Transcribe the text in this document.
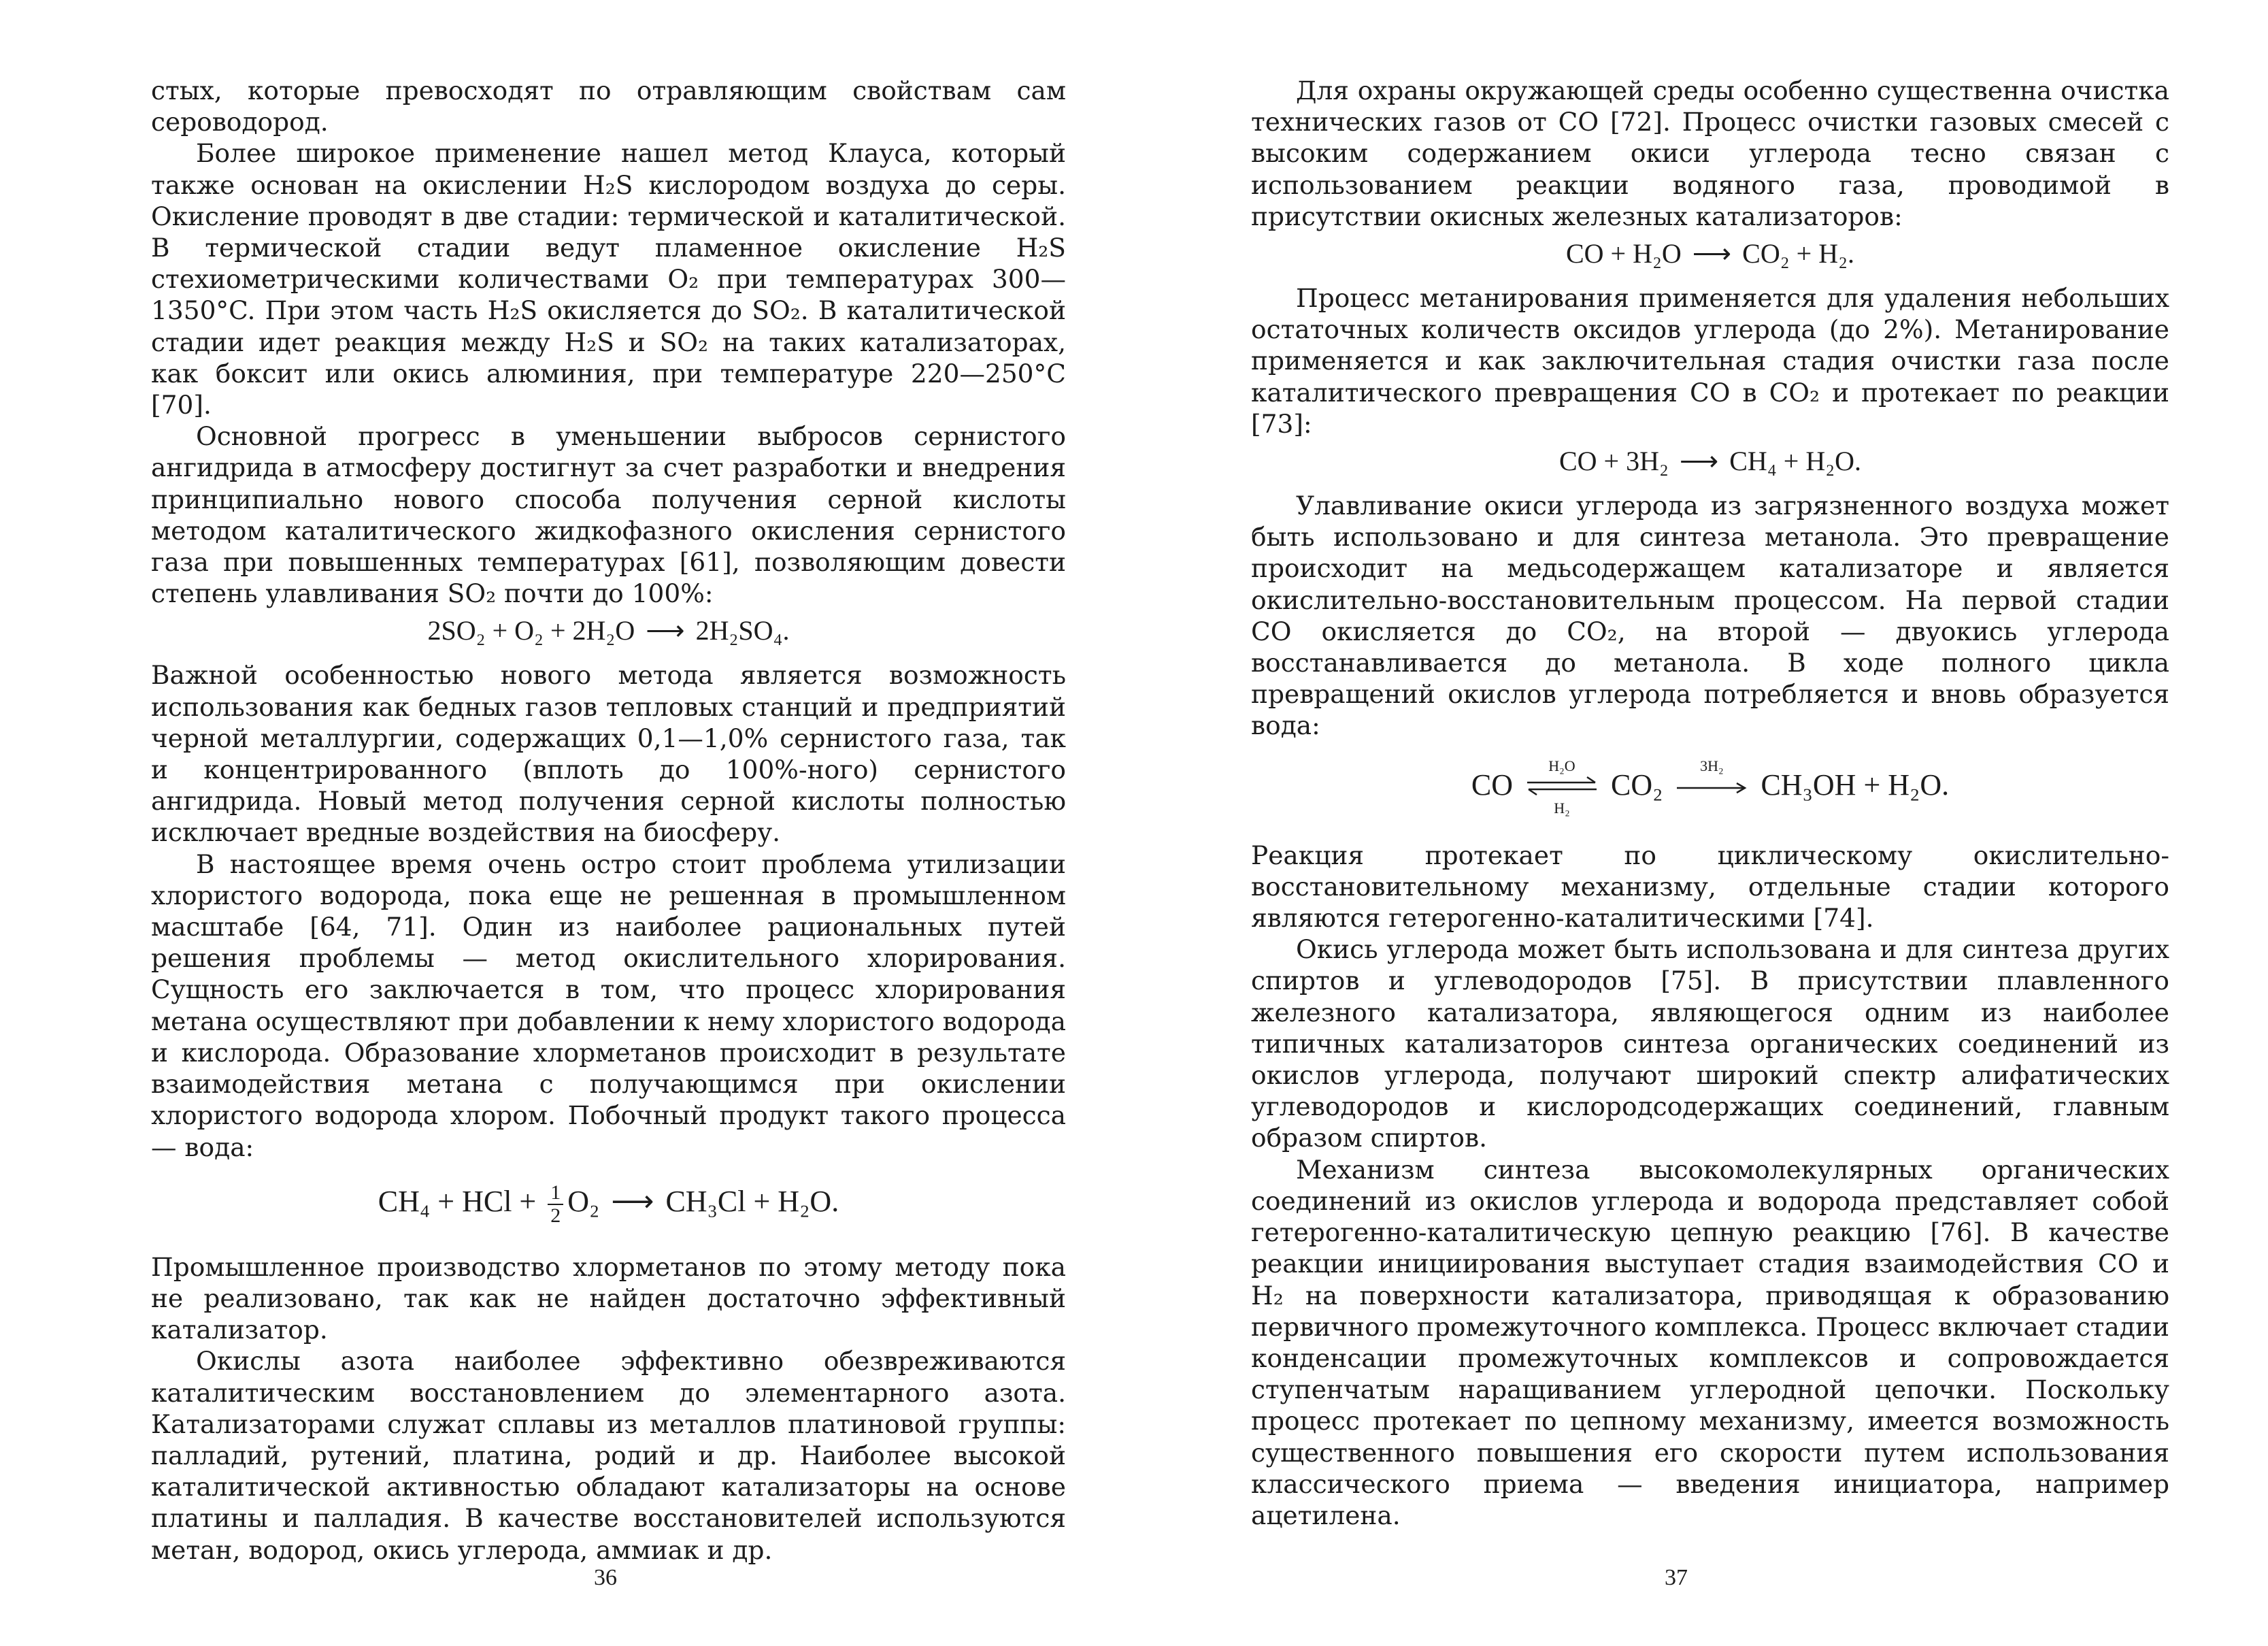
стых, которые превосходят по отравляющим свойствам сам сероводород.

Более широкое применение нашел метод Клауса, который также основан на окислении H₂S кислородом воздуха до серы. Окисление проводят в две стадии: термической и каталитической. В термической стадии ведут пламенное окисление H₂S стехиометрическими количествами O₂ при температурах 300—1350°C. При этом часть H₂S окисляется до SO₂. В каталитической стадии идет реакция между H₂S и SO₂ на таких катализаторах, как боксит или окись алюминия, при температуре 220—250°C [70].

Основной прогресс в уменьшении выбросов сернистого ангидрида в атмосферу достигнут за счет разработки и внедрения принципиально нового способа получения серной кислоты методом каталитического жидкофазного окисления сернистого газа при повышенных температурах [61], позволяющим довести степень улавливания SO₂ почти до 100%:

2SO₂ + O₂ + 2H₂O ⟶ 2H₂SO₄.

Важной особенностью нового метода является возможность использования как бедных газов тепловых станций и предприятий черной металлургии, содержащих 0,1—1,0% сернистого газа, так и концентрированного (вплоть до 100%-ного) сернистого ангидрида. Новый метод получения серной кислоты полностью исключает вредные воздействия на биосферу.

В настоящее время очень остро стоит проблема утилизации хлористого водорода, пока еще не решенная в промышленном масштабе [64, 71]. Один из наиболее рациональных путей решения проблемы — метод окислительного хлорирования. Сущность его заключается в том, что процесс хлорирования метана осуществляют при добавлении к нему хлористого водорода и кислорода. Образование хлорметанов происходит в результате взаимодействия метана с получающимся при окислении хлористого водорода хлором. Побочный продукт такого процесса — вода:

CH₄ + HCl + $\frac{1}{2} O_2$ ⟶ CH₃Cl + H₂O.

Промышленное производство хлорметанов по этому методу пока не реализовано, так как не найден достаточно эффективный катализатор.

Окислы азота наиболее эффективно обезвреживаются каталитическим восстановлением до элементарного азота. Катализаторами служат сплавы из металлов платиновой группы: палладий, рутений, платина, родий и др. Наиболее высокой каталитической активностью обладают катализаторы на основе платины и палладия. В качестве восстановителей используются метан, водород, окись углерода, аммиак и др.

36

Для охраны окружающей среды особенно существенна очистка технических газов от CO [72]. Процесс очистки газовых смесей с высоким содержанием окиси углерода тесно связан с использованием реакции водяного газа, проводимой в присутствии окисных железных катализаторов:

CO + H₂O ⟶ CO₂ + H₂.

Процесс метанирования применяется для удаления небольших остаточных количеств оксидов углерода (до 2%). Метанирование применяется и как заключительная стадия очистки газа после каталитического превращения CO в CO₂ и протекает по реакции [73]:

CO + 3H₂ ⟶ CH₄ + H₂O.

Улавливание окиси углерода из загрязненного воздуха может быть использовано и для синтеза метанола. Это превращение происходит на медьсодержащем катализаторе и является окислительно-восстановительным процессом. На первой стадии CO окисляется до CO₂, на второй — двуокись углерода восстанавливается до метанола. В ходе полного цикла превращений окислов углерода потребляется и вновь образуется вода:

CO
H₂O
H₂
CO₂
3H₂
CH₃OH + H₂O.

Реакция протекает по циклическому окислительно-восстановительному механизму, отдельные стадии которого являются гетерогенно-каталитическими [74].

Окись углерода может быть использована и для синтеза других спиртов и углеводородов [75]. В присутствии плавленного железного катализатора, являющегося одним из наиболее типичных катализаторов синтеза органических соединений из окислов углерода, получают широкий спектр алифатических углеводородов и кислородсодержащих соединений, главным образом спиртов.

Механизм синтеза высокомолекулярных органических соединений из окислов углерода и водорода представляет собой гетерогенно-каталитическую цепную реакцию [76]. В качестве реакции инициирования выступает стадия взаимодействия CO и H₂ на поверхности катализатора, приводящая к образованию первичного промежуточного комплекса. Процесс включает стадии конденсации промежуточных комплексов и сопровождается ступенчатым наращиванием углеродной цепочки. Поскольку процесс протекает по цепному механизму, имеется возможность существенного повышения его скорости путем использования классического приема — введения инициатора, например ацетилена.

37
